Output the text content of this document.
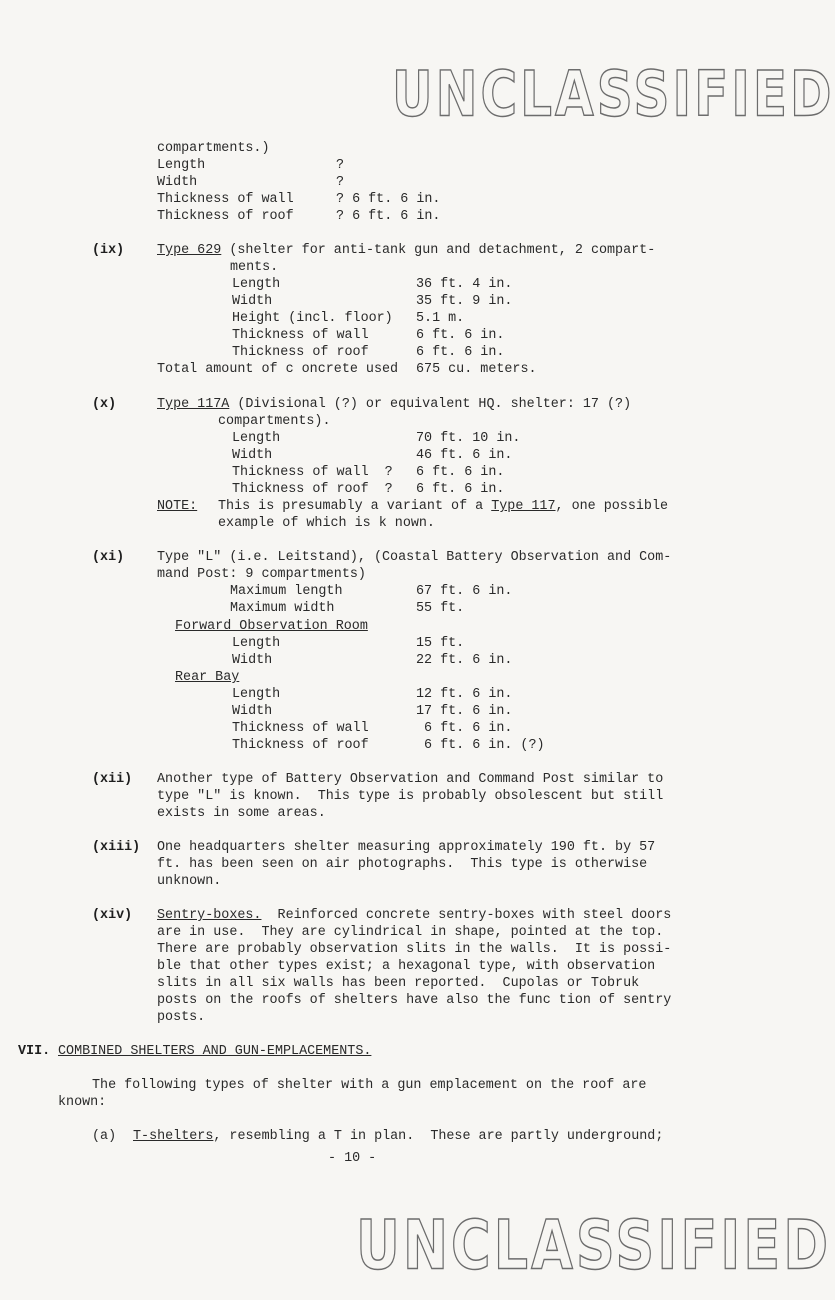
UNCLASSIFIED
compartments.)
Length	?
Width	?
Thickness of wall	? 6 ft. 6 in.
Thickness of roof	? 6 ft. 6 in.
(ix) Type 629 (shelter for anti-tank gun and detachment, 2 compart-
ments.
Length	36 ft. 4 in.
Width	35 ft. 9 in.
Height (incl. floor) 5.1 m.
Thickness of wall	6 ft. 6 in.
Thickness of roof	6 ft. 6 in.
Total amount of c oncrete used 675 cu. meters.
(x)	Type 117A (Divisional (?) or equivalent HQ. shelter: 17 (?)
compartments).
Length	70 ft. 10 in.
Width	46 ft. 6 in.
Thickness of wall  ? 6 ft. 6 in.
Thickness of roof  ? 6 ft. 6 in.
NOTE: This is presumably a variant of a Type 117, one possible
example of which is k nown.
(xi) Type "L" (i.e. Leitstand), (Coastal Battery Observation and Com-
mand Post: 9 compartments)
Maximum length	67 ft. 6 in.
Maximum width	55 ft.
Forward Observation Room
Length	15 ft.
Width	22 ft. 6 in.
Rear Bay
Length	12 ft. 6 in.
Width	17 ft. 6 in.
Thickness of wall	6 ft. 6 in.
Thickness of roof	6 ft. 6 in. (?)
(xii) Another type of Battery Observation and Command Post similar to
type "L" is known.  This type is probably obsolescent but still
exists in some areas.
(xiii) One headquarters shelter measuring approximately 190 ft. by 57
ft. has been seen on air photographs.  This type is otherwise
unknown.
(xiv) Sentry-boxes.  Reinforced concrete sentry-boxes with steel doors
are in use.  They are cylindrical in shape, pointed at the top.
There are probably observation slits in the walls.  It is possi-
ble that other types exist; a hexagonal type, with observation
slits in all six walls has been reported.  Cupolas or Tobruk
posts on the roofs of shelters have also the func tion of sentry
posts.
VII. COMBINED SHELTERS AND GUN-EMPLACEMENTS.
The following types of shelter with a gun emplacement on the roof are
known:
(a) T-shelters, resembling a T in plan.  These are partly underground;
- 10 -
UNCLASSIFIED
